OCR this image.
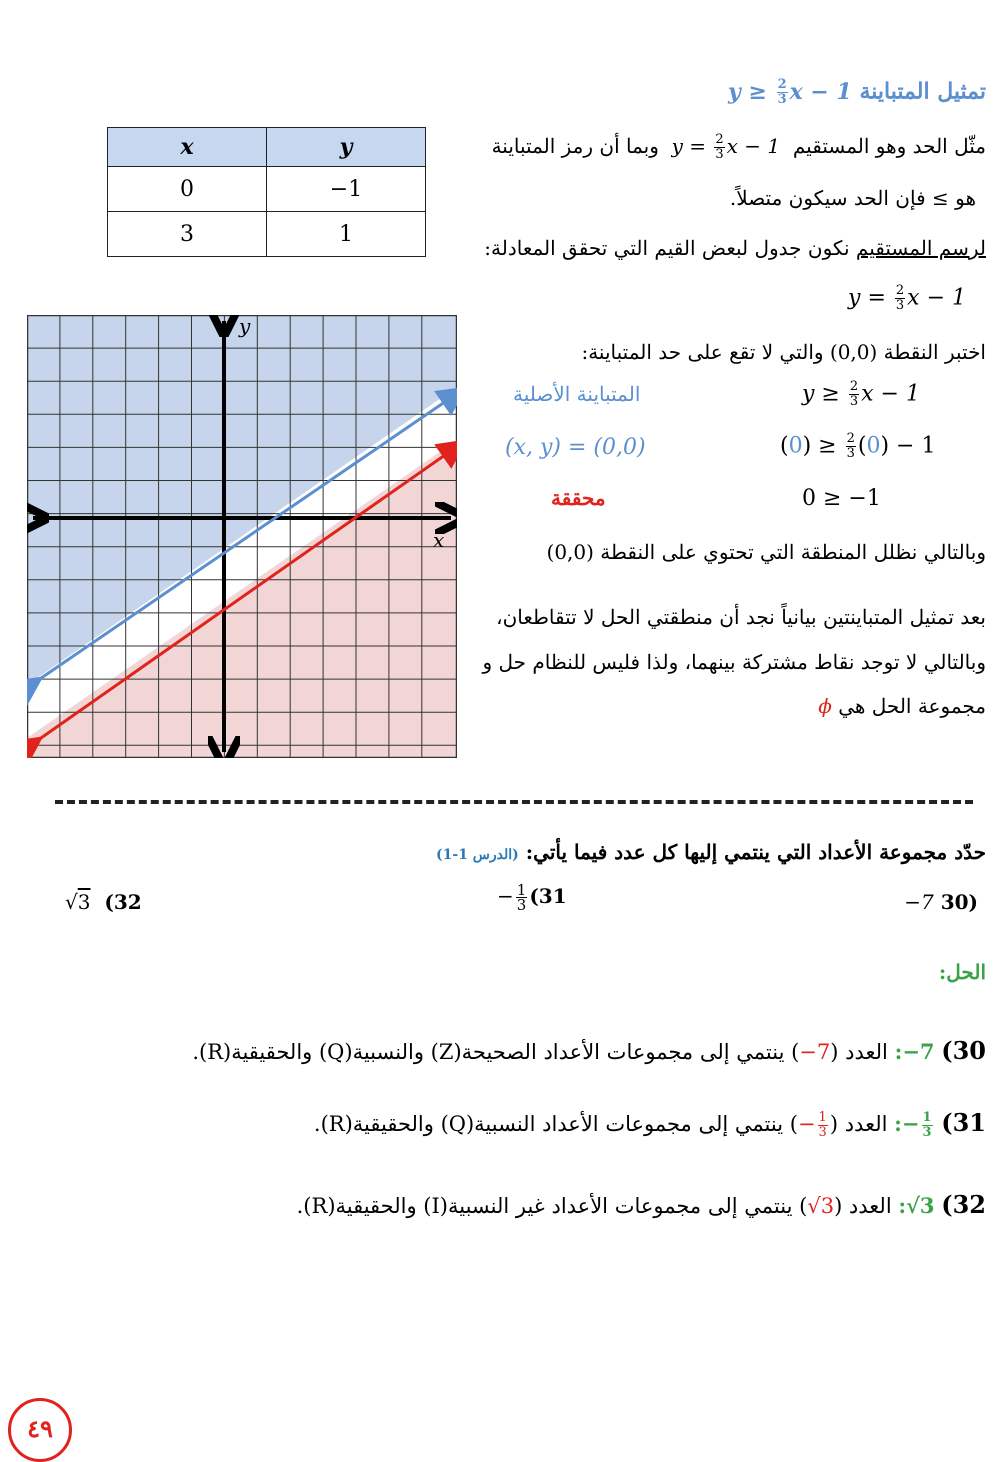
تمثيل المتباينة $y \ge \frac{2}{3}$ x − 1
مثّل الحد وهو المستقيم  $y = \frac{2}{3}$ x − 1  وبما أن رمز المتباينة
هو ≥ فإن الحد سيكون متصلاً.
لرسم المستقيم نكون جدول لبعض القيم التي تحقق المعادلة:
$y = \frac{2}{3}$ x − 1
اختبر النقطة (0,0) والتي لا تقع على حد المتباينة:
المتباينة الأصلية	$y \ge \frac{2}{3}$ x − 1
(x, y) = (0,0)	$(0) \ge \frac{2}{3} (0) - 1$
محققة	0 ≥ −1
وبالتالي نظلل المنطقة التي تحتوي على النقطة (0,0)
بعد تمثيل المتباينتين بيانياً نجد أن منطقتي الحل لا تتقاطعان،
وبالتالي لا توجد نقاط مشتركة بينهما، ولذا فليس للنظام حل و
مجموعة الحل هي ϕ
x	y
0	−1
3	1
x
y
حدّد مجموعة الأعداد التي ينتمي إليها كل عدد فيما يأتي: (الدرس 1-1)
(30 −7
− $\frac{1}{3} (31$
√3 (32
الحل:
30) −7: العدد (−7) ينتمي إلى مجموعات الأعداد الصحيحة(Z) والنسبية(Q) والحقيقية(R).
$31) - \frac{1}{3}$
: العدد (− $\frac{1}{3}$
) ينتمي إلى مجموعات الأعداد النسبية(Q) والحقيقية(R).
32) √3: العدد (√3) ينتمي إلى مجموعات الأعداد غير النسبية(I) والحقيقية(R).
٤٩
